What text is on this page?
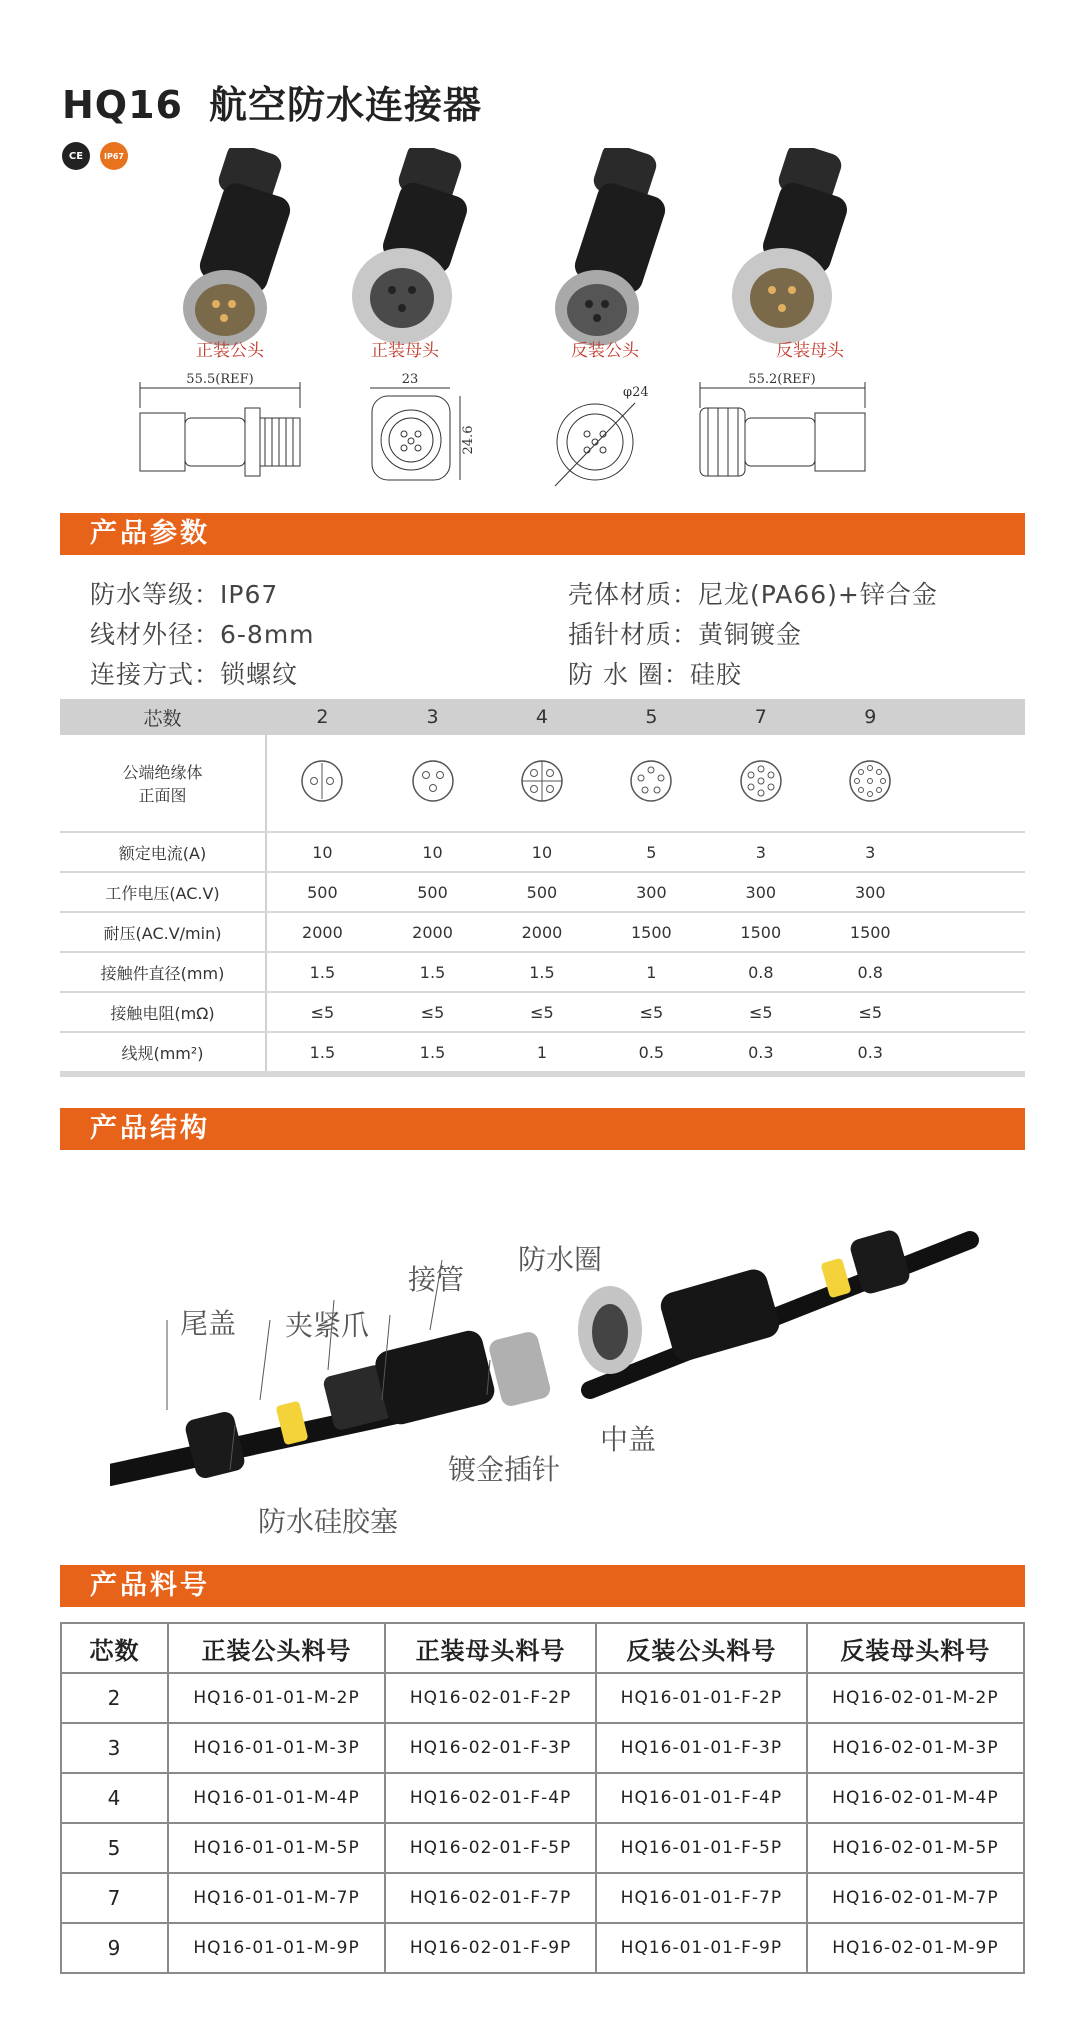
HQ16 航空防水连接器
CE	IP67
正装公头	正装母头	反装公头	反装母头
55.5(REF)	23
24.6
φ24
55.2(REF)
产品参数
防水等级：IP67	壳体材质：尼龙(PA66)+锌合金
线材外径：6-8mm	插针材质：黄铜镀金
连接方式：锁螺纹	防 水 圈：硅胶
芯数	2	3	4	5	7	9	
公端绝缘体
正面图							
额定电流(A)	10	10	10	5	3	3	
工作电压(AC.V)	500	500	500	300	300	300	
耐压(AC.V/min)	2000	2000	2000	1500	1500	1500	
接触件直径(mm)	1.5	1.5	1.5	1	0.8	0.8	
接触电阻(mΩ)	≤5	≤5	≤5	≤5	≤5	≤5	
线规(mm²)	1.5	1.5	1	0.5	0.3	0.3	
产品结构
尾盖 夹紧爪
接管
防水圈
中盖
镀金插针
防水硅胶塞
产品料号
芯数	正装公头料号	正装母头料号	反装公头料号	反装母头料号
2	HQ16-01-01-M-2P	HQ16-02-01-F-2P	HQ16-01-01-F-2P	HQ16-02-01-M-2P
3	HQ16-01-01-M-3P	HQ16-02-01-F-3P	HQ16-01-01-F-3P	HQ16-02-01-M-3P
4	HQ16-01-01-M-4P	HQ16-02-01-F-4P	HQ16-01-01-F-4P	HQ16-02-01-M-4P
5	HQ16-01-01-M-5P	HQ16-02-01-F-5P	HQ16-01-01-F-5P	HQ16-02-01-M-5P
7	HQ16-01-01-M-7P	HQ16-02-01-F-7P	HQ16-01-01-F-7P	HQ16-02-01-M-7P
9	HQ16-01-01-M-9P	HQ16-02-01-F-9P	HQ16-01-01-F-9P	HQ16-02-01-M-9P
